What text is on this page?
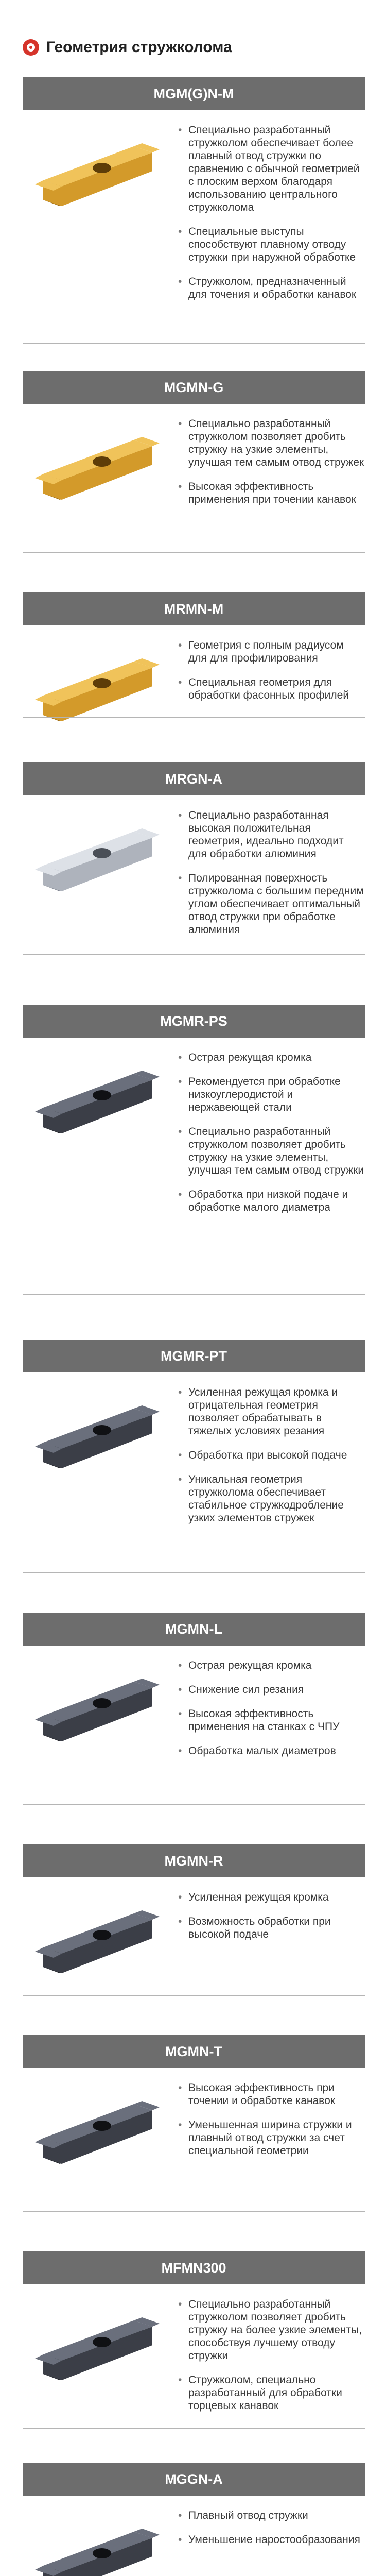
Геометрия стружколома
MGM(G)N-M
• Специально разработанный стружколом обеспечивает более плавный отвод стружки по сравнению с обычной геометрией с плоским верхом благодаря использованию центрального стружколома
• Специальные выступы способствуют плавному отводу стружки при наружной обработке
• Стружколом, предназначенный для точения и обработки канавок
MGMN-G
• Специально разработанный стружколом позволяет дробить стружку на узкие элементы, улучшая тем самым отвод стружек
• Высокая эффективность применения при точении канавок
MRMN-M
• Геометрия с полным радиусом для для профилирования
• Специальная геометрия для обработки фасонных профилей
MRGN-A
• Специально разработанная высокая положительная геометрия, идеально подходит для обработки алюминия
• Полированная поверхность стружколома с большим передним углом обеспечивает оптимальный отвод стружки при обработке алюминия
MGMR-PS
• Острая режущая кромка
• Рекомендуется при обработке низкоуглеродистой и нержавеющей стали
• Специально разработанный стружколом позволяет дробить стружку на узкие элементы, улучшая тем самым отвод стружки
• Обработка при низкой подаче и обработке малого диаметра
MGMR-PT
• Усиленная режущая кромка и отрицательная геометрия позволяет обрабатывать в тяжелых условиях резания
• Обработка при высокой подаче
• Уникальная геометрия стружколома обеспечивает стабильное стружкодробление узких элементов стружек
MGMN-L
• Острая режущая кромка
• Снижение сил резания
• Высокая эффективность применения на станках с ЧПУ
• Обработка малых диаметров
MGMN-R
• Усиленная режущая кромка
• Возможность обработки при высокой подаче
MGMN-T
• Высокая эффективность при точении и обработке канавок
• Уменьшенная ширина стружки и плавный отвод стружки за счет специальной геометрии
MFMN300
• Специально разработанный стружколом позволяет дробить стружку на более узкие элементы, способствуя лучшему отводу стружки
• Стружколом, специально разработанный для обработки торцевых канавок
MGGN-A
• Плавный отвод стружки
• Уменьшение наростообразования
